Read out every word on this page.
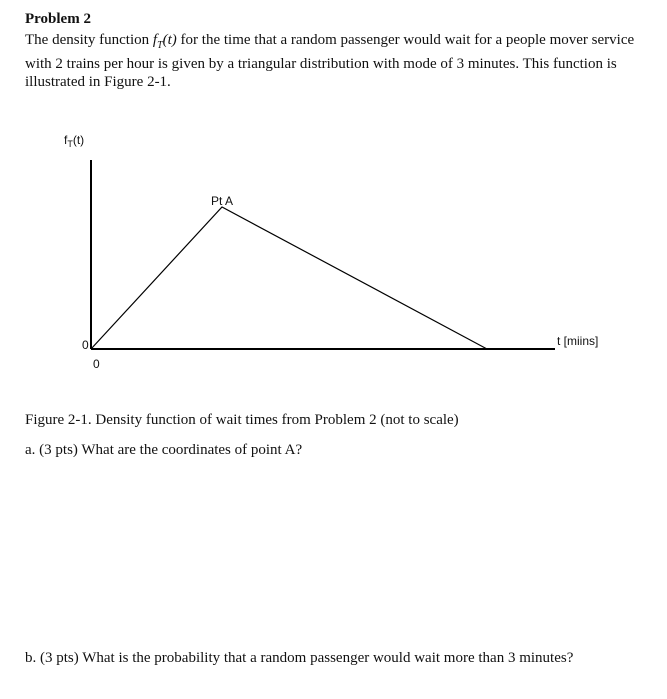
Problem 2
The density function $f_T(t)$ for the time that a random passenger would wait for a people mover service with 2 trains per hour is given by a triangular distribution with mode of 3 minutes. This function is illustrated in Figure 2-1.
$f_T(t)$
Pt A
t [miins]
0
0
Figure 2-1. Density function of wait times from Problem 2 (not to scale)
a. (3 pts) What are the coordinates of point A?
b. (3 pts) What is the probability that a random passenger would wait more than 3 minutes?
